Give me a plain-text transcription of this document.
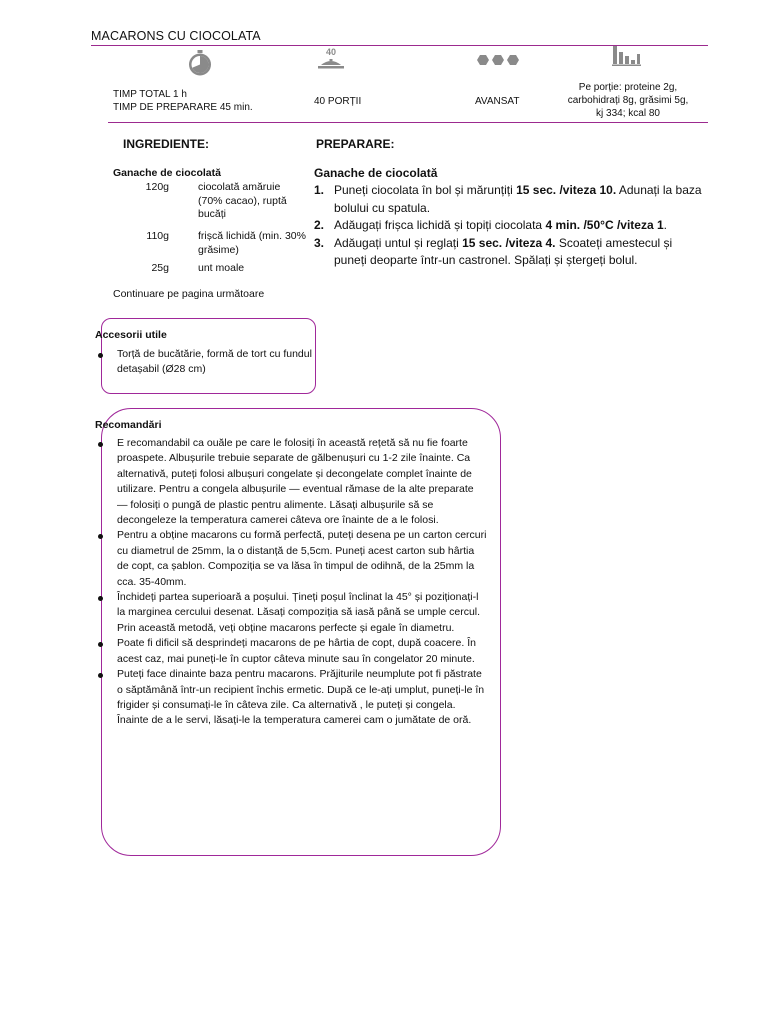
MACARONS CU CIOCOLATA
40
TIMP TOTAL 1 h
TIMP DE PREPARARE 45 min.
40 PORȚII	AVANSAT
Pe porție: proteine 2g,
carbohidrați 8g, grăsimi 5g,
kj 334; kcal 80
INGREDIENTE:
Ganache de ciocolată
120g	ciocolată amăruie
(70% cacao), ruptă
bucăți
110g	frișcă lichidă (min. 30%
grăsime)
25g	unt moale
Continuare pe pagina următoare
PREPARARE:
Ganache de ciocolată
1. Puneți ciocolata în bol și mărunțiți 15 sec. /viteza 10. Adunați la baza bolului cu spatula.
2. Adăugați frișca lichidă și topiți ciocolata 4 min. /50°C /viteza 1.
3. Adăugați untul și reglați 15 sec. /viteza 4. Scoateți amestecul și puneți deoparte într-un castronel. Spălați și ștergeți bolul.
Accesorii utile
Torță de bucătărie, formă de tort cu fundul detașabil (Ø28 cm)
Recomandări
E recomandabil ca ouăle pe care le folosiți în această rețetă să nu fie foarte proaspete. Albușurile trebuie separate de gălbenușuri cu 1-2 zile înainte. Ca alternativă, puteți folosi albușuri congelate și decongelate complet înainte de utilizare. Pentru a congela albușurile — eventual rămase de la alte preparate — folosiți o pungă de plastic pentru alimente. Lăsați albușurile să se decongeleze la temperatura camerei câteva ore înainte de a le folosi.
Pentru a obține macarons cu formă perfectă, puteți desena pe un carton cercuri cu diametrul de 25mm, la o distanță de 5,5cm. Puneți acest carton sub hârtia de copt, ca șablon. Compoziția se va lăsa în timpul de odihnă, de la 25mm la cca. 35-40mm.
Închideți partea superioară a poșului. Țineți poșul înclinat la 45° și poziționați-l la marginea cercului desenat. Lăsați compoziția să iasă până se umple cercul. Prin această metodă, veți obține macarons perfecte și egale în diametru.
Poate fi dificil să desprindeți macarons de pe hârtia de copt, după coacere. În acest caz, mai puneți-le în cuptor câteva minute sau în congelator 20 minute.
Puteți face dinainte baza pentru macarons. Prăjiturile neumplute pot fi păstrate o săptămână într-un recipient închis ermetic. După ce le-ați umplut, puneți-le în frigider și consumați-le în câteva zile. Ca alternativă , le puteți și congela. Înainte de a le servi, lăsați-le la temperatura camerei cam o jumătate de oră.
